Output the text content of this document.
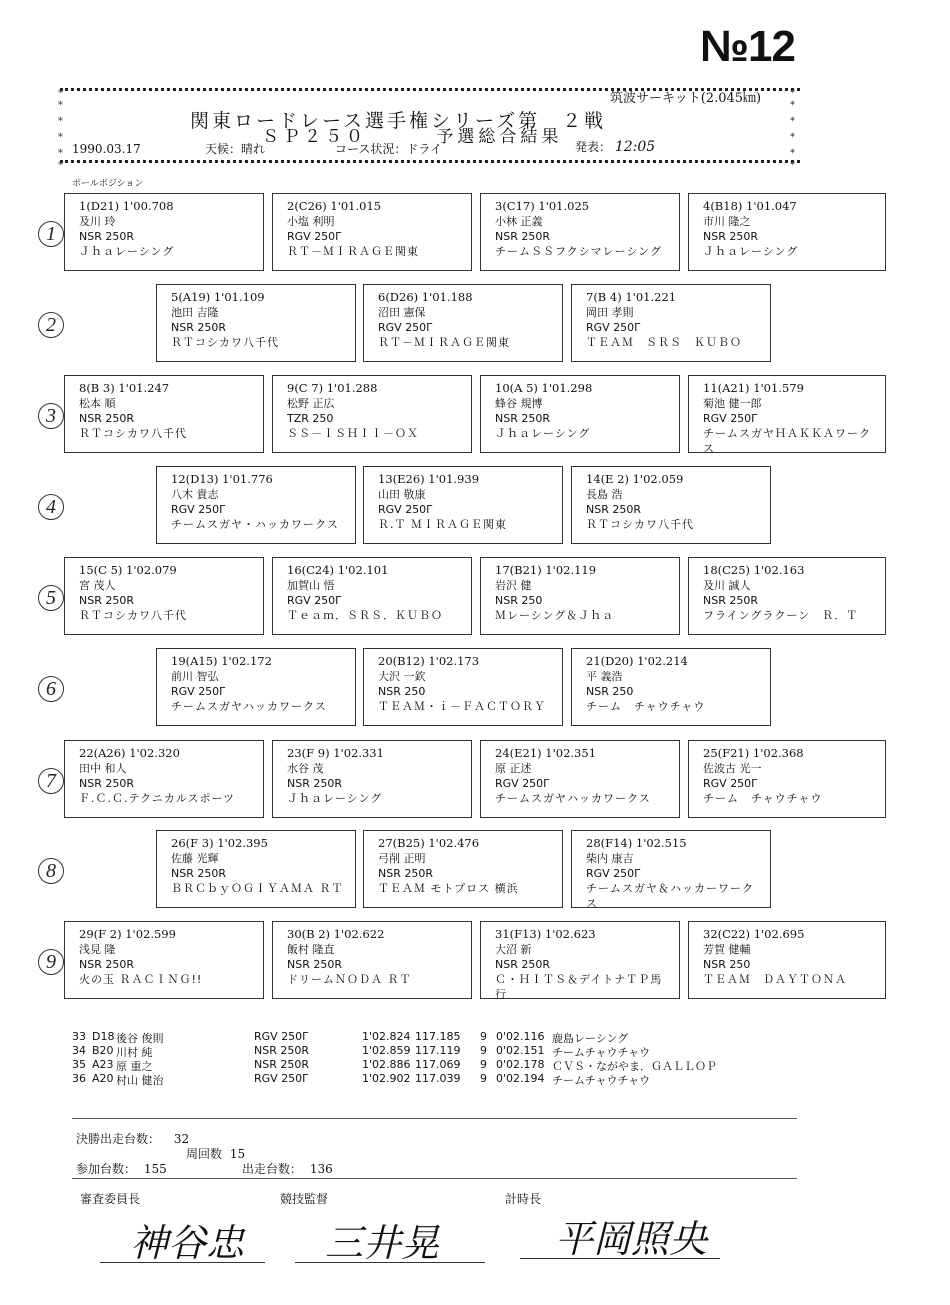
№12
筑波サーキット(2.045㎞)
関東ロードレース選手権シリーズ第　２戦
ＳＰ２５０	予選総合結果
1990.03.17	天候：晴れ	コース状況：ドライ	発表： 12:05
ポールポジション
1
1(D21) 1'00.708
及川 玲
NSR 250R
Ｊｈａレーシング
2(C26) 1'01.015
小塩 利明
RGV 250Γ
ＲＴ－ＭＩＲＡＧＥ関東
3(C17) 1'01.025
小林 正義
NSR 250R
チームＳＳフクシマレーシング
4(B18) 1'01.047
市川 隆之
NSR 250R
Ｊｈａレーシング
2
5(A19) 1'01.109
池田 吉隆
NSR 250R
ＲＴコシカワ八千代
6(D26) 1'01.188
沼田 憲保
RGV 250Γ
ＲＴ－ＭＩＲＡＧＥ関東
7(B 4) 1'01.221
岡田 孝則
RGV 250Γ
ＴＥＡＭ　ＳＲＳ　ＫＵＢＯ
3
8(B 3) 1'01.247
松本 順
NSR 250R
ＲＴコシカワ八千代
9(C 7) 1'01.288
松野 正広
TZR 250
ＳＳ－ＩＳＨＩＩ－ＯＸ
10(A 5) 1'01.298
蜂谷 規博
NSR 250R
Ｊｈａレーシング
11(A21) 1'01.579
菊池 健一郎
RGV 250Γ
チームスガヤＨＡＫＫＡワークス
4
12(D13) 1'01.776
八木 貴志
RGV 250Γ
チームスガヤ・ハッカワークス
13(E26) 1'01.939
山田 敬康
RGV 250Γ
Ｒ.Ｔ ＭＩＲＡＧＥ関東
14(E 2) 1'02.059
長島 浩
NSR 250R
ＲＴコシカワ八千代
5
15(C 5) 1'02.079
宮 茂人
NSR 250R
ＲＴコシカワ八千代
16(C24) 1'02.101
加賀山 悟
RGV 250Γ
Ｔｅａｍ．ＳＲＳ．ＫＵＢＯ
17(B21) 1'02.119
岩沢 健
NSR 250
Ｍレーシング＆Ｊｈａ
18(C25) 1'02.163
及川 誠人
NSR 250R
フライングラクーン　Ｒ．Ｔ
6
19(A15) 1'02.172
前川 智弘
RGV 250Γ
チームスガヤハッカワークス
20(B12) 1'02.173
大沢 一欽
NSR 250
ＴＥＡＭ・ｉ－ＦＡＣＴＯＲＹ
21(D20) 1'02.214
平 義浩
NSR 250
チーム　チャウチャウ
7
22(A26) 1'02.320
田中 和人
NSR 250R
Ｆ.Ｃ.Ｃ.テクニカルスポーツ
23(F 9) 1'02.331
水谷 茂
NSR 250R
Ｊｈａレーシング
24(E21) 1'02.351
原 正述
RGV 250Γ
チームスガヤハッカワークス
25(F21) 1'02.368
佐波古 光一
RGV 250Γ
チーム　チャウチャウ
8
26(F 3) 1'02.395
佐藤 光輝
NSR 250R
ＢＲＣｂｙＯＧＩＹＡＭＡ ＲＴ
27(B25) 1'02.476
弓削 正明
NSR 250R
ＴＥＡＭ モトプロス 横浜
28(F14) 1'02.515
柴内 康吉
RGV 250Γ
チームスガヤ＆ハッカーワークス
9
29(F 2) 1'02.599
浅見 隆
NSR 250R
火の玉 ＲＡＣＩＮＧ!!
30(B 2) 1'02.622
飯村 隆直
NSR 250R
ドリームＮＯＤＡ ＲＴ
31(F13) 1'02.623
大沼 新
NSR 250R
Ｃ・ＨＩＴＳ＆デイトナＴＰ馬行
32(C22) 1'02.695
芳賀 健輔
NSR 250
ＴＥＡＭ　ＤＡＹＴＯＮＡ
33 D18 後谷 俊則	RGV 250Γ	1'02.824 117.185 9 0'02.116 鹿島レーシング
34 B20 川村 純	NSR 250R	1'02.859 117.119 9 0'02.151 チームチャウチャウ
35 A23 原 重之	NSR 250R	1'02.886 117.069 9 0'02.178 ＣＶＳ・ながやま．ＧＡＬＬＯＰ
36 A20 村山 健治	RGV 250Γ	1'02.902 117.039 9 0'02.194 チームチャウチャウ
決勝出走台数： 32
周回数 15
参加台数： 155	出走台数： 136
審査委員長	競技監督	計時長
神谷忠 三井晃	平岡照央
*	*
*	*
*	*
*	*
*	*
*	*
